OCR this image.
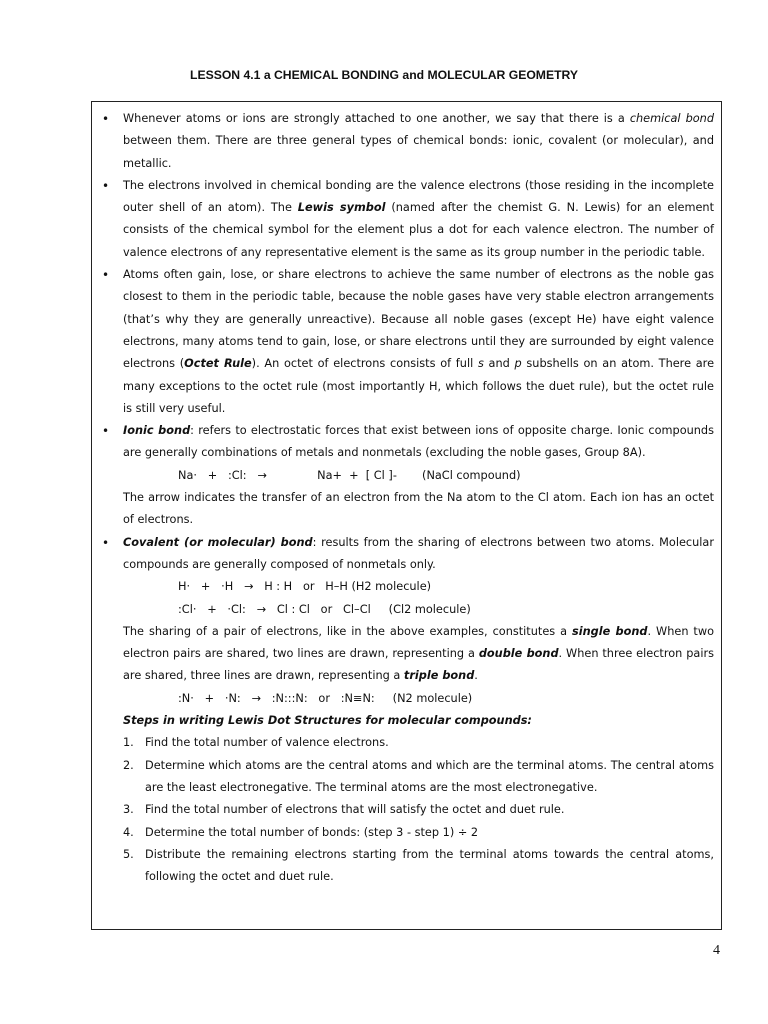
LESSON 4.1 a CHEMICAL BONDING and MOLECULAR GEOMETRY
• Whenever atoms or ions are strongly attached to one another, we say that there is a chemical bond between them. There are three general types of chemical bonds: ionic, covalent (or molecular), and metallic.

• The electrons involved in chemical bonding are the valence electrons (those residing in the incomplete outer shell of an atom). The Lewis symbol (named after the chemist G. N. Lewis) for an element consists of the chemical symbol for the element plus a dot for each valence electron. The number of valence electrons of any representative element is the same as its group number in the periodic table.

• Atoms often gain, lose, or share electrons to achieve the same number of electrons as the noble gas closest to them in the periodic table, because the noble gases have very stable electron arrangements (that’s why they are generally unreactive). Because all noble gases (except He) have eight valence electrons, many atoms tend to gain, lose, or share electrons until they are surrounded by eight valence electrons (Octet Rule). An octet of electrons consists of full s and p subshells on an atom. There are many exceptions to the octet rule (most importantly H, which follows the duet rule), but the octet rule is still very useful.

• Ionic bond: refers to electrostatic forces that exist between ions of opposite charge. Ionic compounds are generally combinations of metals and nonmetals (excluding the noble gases, Group 8A).

Na·   +   :Cl:   →              Na+  +  [ Cl ]-       (NaCl compound)

The arrow indicates the transfer of an electron from the Na atom to the Cl atom. Each ion has an octet of electrons.

• Covalent (or molecular) bond: results from the sharing of electrons between two atoms. Molecular compounds are generally composed of nonmetals only.

H·   +   ·H   →   H : H   or   H–H (H2 molecule)

:Cl·   +   ·Cl:   →   Cl : Cl   or   Cl–Cl     (Cl2 molecule)

The sharing of a pair of electrons, like in the above examples, constitutes a single bond. When two electron pairs are shared, two lines are drawn, representing a double bond. When three electron pairs are shared, three lines are drawn, representing a triple bond.

:N·   +   ·N:   →   :N:::N:   or   :N≡N:     (N2 molecule)

Steps in writing Lewis Dot Structures for molecular compounds:

1. Find the total number of valence electrons.
2. Determine which atoms are the central atoms and which are the terminal atoms. The central atoms are the least electronegative. The terminal atoms are the most electronegative.
3. Find the total number of electrons that will satisfy the octet and duet rule.
4. Determine the total number of bonds: (step 3 - step 1) ÷ 2
5. Distribute the remaining electrons starting from the terminal atoms towards the central atoms, following the octet and duet rule.
4
